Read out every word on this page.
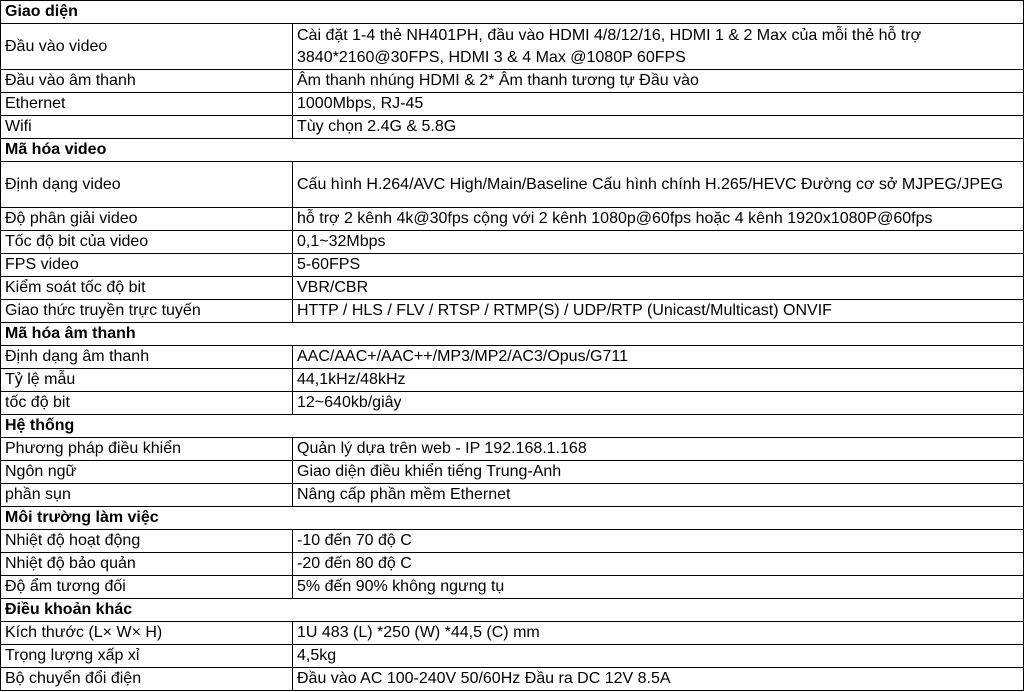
Giao diện	
Đầu vào video	Cài đặt 1-4 thẻ NH401PH, đầu vào HDMI 4/8/12/16, HDMI 1 & 2 Max của mỗi thẻ hỗ trợ 3840*2160@30FPS, HDMI 3 & 4 Max @1080P 60FPS
Đầu vào âm thanh	Âm thanh nhúng HDMI & 2* Âm thanh tương tự Đầu vào
Ethernet	1000Mbps, RJ-45
Wifi	Tùy chọn 2.4G & 5.8G
Mã hóa video	
Định dạng video	Cấu hình H.264/AVC High/Main/Baseline Cấu hình chính H.265/HEVC Đường cơ sở MJPEG/JPEG
Độ phân giải video	hỗ trợ 2 kênh 4k@30fps cộng với 2 kênh 1080p@60fps hoặc 4 kênh 1920x1080P@60fps
Tốc độ bit của video	0,1~32Mbps
FPS video	5-60FPS
Kiểm soát tốc độ bit	VBR/CBR
Giao thức truyền trực tuyến	HTTP / HLS / FLV / RTSP / RTMP(S) / UDP/RTP (Unicast/Multicast) ONVIF
Mã hóa âm thanh	
Định dạng âm thanh	AAC/AAC+/AAC++/MP3/MP2/AC3/Opus/G711
Tỷ lệ mẫu	44,1kHz/48kHz
tốc độ bit	12~640kb/giây
Hệ thống	
Phương pháp điều khiển	Quản lý dựa trên web - IP 192.168.1.168
Ngôn ngữ	Giao diện điều khiển tiếng Trung-Anh
phần sụn	Nâng cấp phần mềm Ethernet
Môi trường làm việc	
Nhiệt độ hoạt động	-10 đến 70 độ C
Nhiệt độ bảo quản	-20 đến 80 độ C
Độ ẩm tương đối	5% đến 90% không ngưng tụ
Điều khoản khác	
Kích thước (L× W× H)	1U 483 (L) *250 (W) *44,5 (C) mm
Trọng lượng xấp xỉ	4,5kg
Bộ chuyển đổi điện	Đầu vào AC 100-240V 50/60Hz Đầu ra DC 12V 8.5A
